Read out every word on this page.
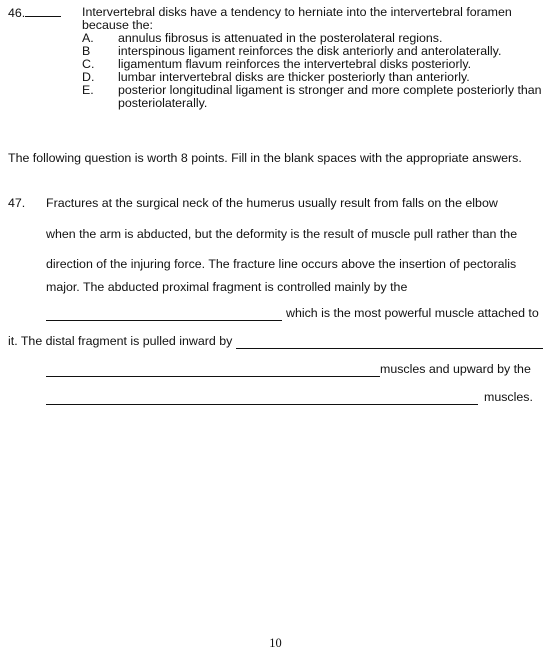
46.	Intervertebral disks have a tendency to herniate into the intervertebral foramen because the:
A.	annulus fibrosus is attenuated in the posterolateral regions.
B	interspinous ligament reinforces the disk anteriorly and anterolaterally.
C.	ligamentum flavum reinforces the intervertebral disks posteriorly.
D.	lumbar intervertebral disks are thicker posteriorly than anteriorly.
E.	posterior longitudinal ligament is stronger and more complete posteriorly than posteriolaterally.
The following question is worth 8 points. Fill in the blank spaces with the appropriate answers.
47. Fractures at the surgical neck of the humerus usually result from falls on the elbow
when the arm is abducted, but the deformity is the result of muscle pull rather than the
direction of the injuring force. The fracture line occurs above the insertion of pectoralis
major. The abducted proximal fragment is controlled mainly by the
which is the most powerful muscle attached to
it. The distal fragment is pulled inward by
muscles and upward by the
muscles.
10
